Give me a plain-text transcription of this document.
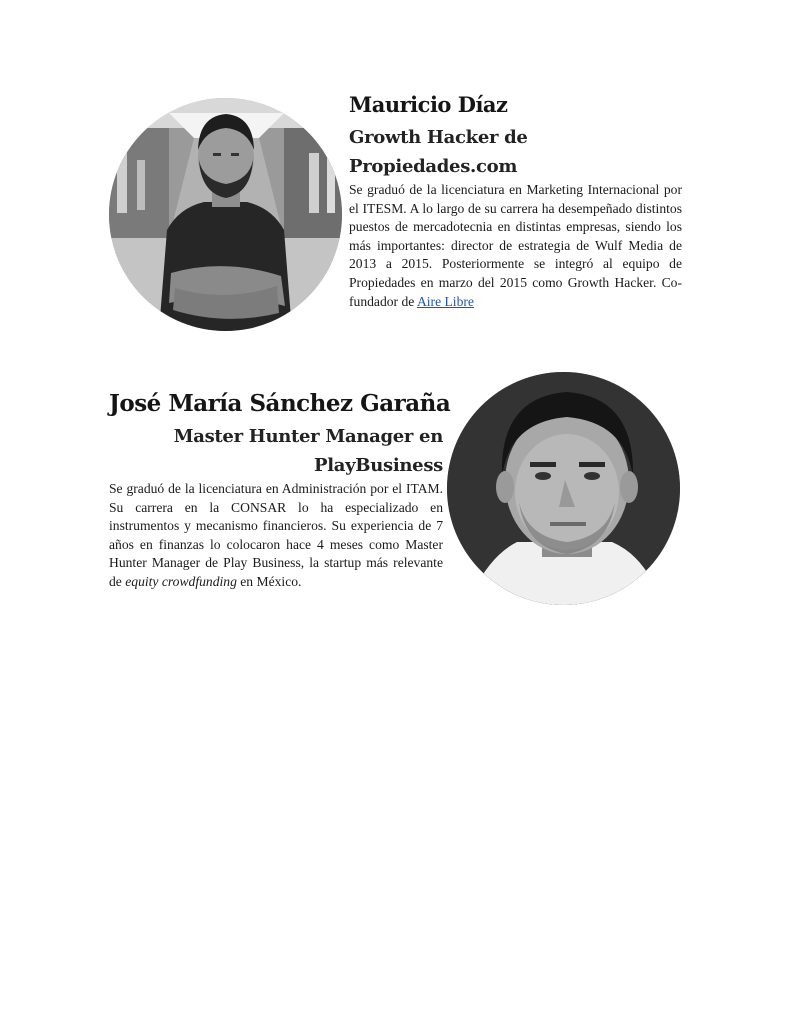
Mauricio Díaz
Growth Hacker de
Propiedades.com
Se graduó de la licenciatura en Marketing Internacional por el ITESM. A lo largo de su carrera ha desempeñado distintos puestos de mercadotecnia en distintas empresas, siendo los más importantes: director de estrategia de Wulf Media de 2013 a 2015. Posteriormente se integró al equipo de Propiedades en marzo del 2015 como Growth Hacker. Co-fundador de Aire Libre
José María Sánchez Garaña
Master Hunter Manager en
PlayBusiness
Se graduó de la licenciatura en Administración por el ITAM. Su carrera en la CONSAR lo ha especializado en instrumentos y mecanismo financieros. Su experiencia de 7 años en finanzas lo colocaron hace 4 meses como Master Hunter Manager de Play Business, la startup más relevante de equity crowdfunding en México.
